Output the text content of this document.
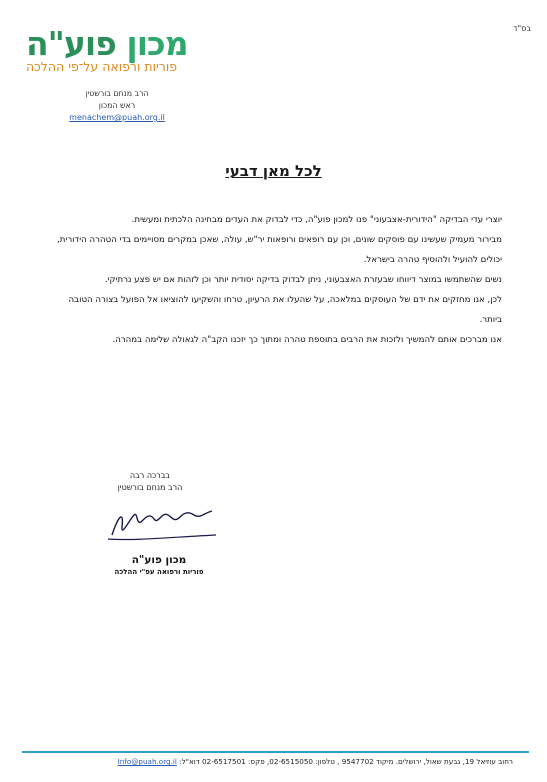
בס"ד
מכון פוע"ה
פוריות ורפואה על־פי ההלכה
הרב מנחם בורשטין
ראש המכון
menachem@puah.org.il
לכל מאן דבעי

יוצרי עדי הבדיקה "הידורית-אצבעוני" פנו למכון פוע"ה, כדי לבדוק את העדים מבחינה הלכתית ומעשית.

מבירור מעמיק שעשינו עם פוסקים שונים, וכן עם רופאים ורופאות יר"ש, עולה, שאכן במקרים מסויימים בדי הטהרה הידורית, יכולים להועיל ולהוסיף טהרה בישראל.

נשים שהשתמשו במוצר דיווחו שבעזרת האצבעוני, ניתן לבדוק בדיקה יסודית יותר וכן לזהות אם יש פצע נרתיקי.

לכן, אנו מחזקים את ידם של העוסקים במלאכה, על שהעלו את הרעיון, טרחו והשקיעו להוציאו אל הפועל בצורה הטובה ביותר.

אנו מברכים אותם להמשיך ולזכות את הרבים בתוספת טהרה ומתוך כך יזכנו הקב"ה לגאולה שלימה במהרה.

בברכה רבה
הרב מנחם בורשטין
מכון פוע"ה
פוריות ורפואה עפ"י ההלכה
רחוב עוזיאל 19, גבעת שאול, ירושלים. מיקוד 9547702 , טלפון: 02-6515050, פקס: 02-6517501 דוא"ל: Info@puah.org.il
